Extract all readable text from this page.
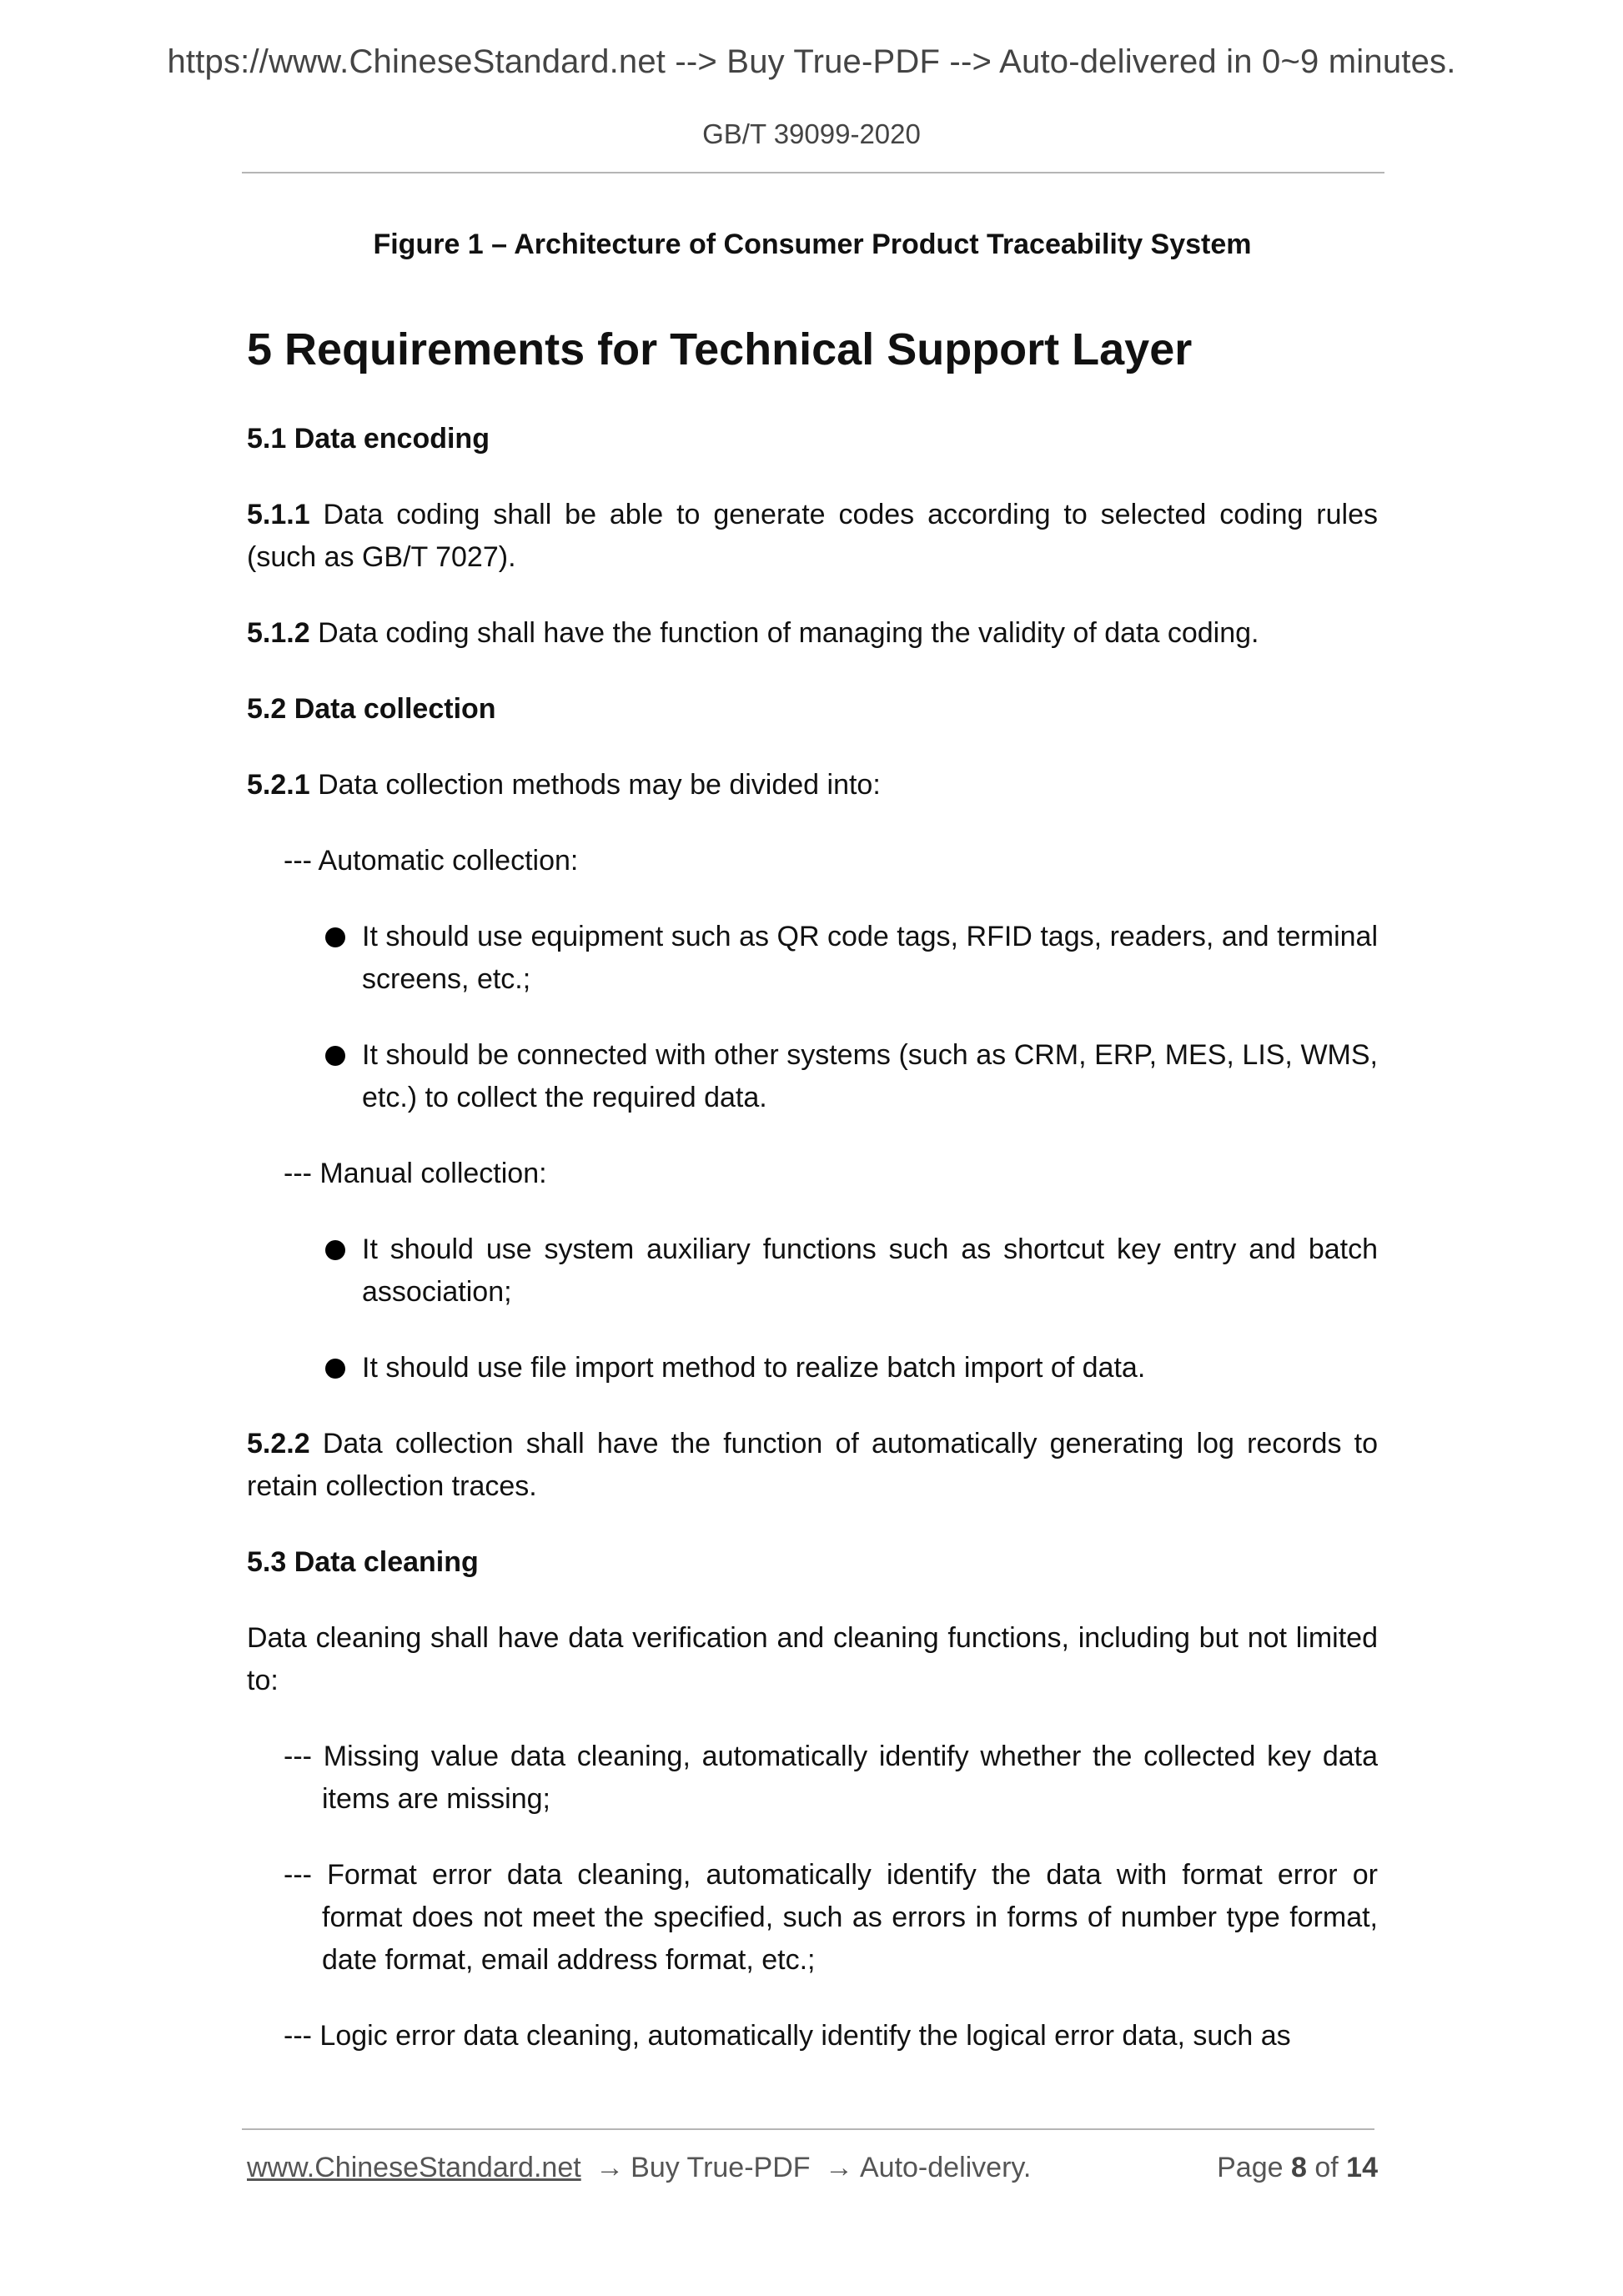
https://www.ChineseStandard.net --> Buy True-PDF --> Auto-delivered in 0~9 minutes.
GB/T 39099-2020
Figure 1 – Architecture of Consumer Product Traceability System
5 Requirements for Technical Support Layer
5.1 Data encoding

5.1.1 Data coding shall be able to generate codes according to selected coding rules (such as GB/T 7027).

5.1.2 Data coding shall have the function of managing the validity of data coding.

5.2 Data collection

5.2.1 Data collection methods may be divided into:

--- Automatic collection:
It should use equipment such as QR code tags, RFID tags, readers, and terminal screens, etc.;
It should be connected with other systems (such as CRM, ERP, MES, LIS, WMS, etc.) to collect the required data.
--- Manual collection:
It should use system auxiliary functions such as shortcut key entry and batch association;
It should use file import method to realize batch import of data.

5.2.2 Data collection shall have the function of automatically generating log records to retain collection traces.

5.3 Data cleaning

Data cleaning shall have data verification and cleaning functions, including but not limited to:

--- Missing value data cleaning, automatically identify whether the collected key data items are missing;
--- Format error data cleaning, automatically identify the data with format error or format does not meet the specified, such as errors in forms of number type format, date format, email address format, etc.;
--- Logic error data cleaning, automatically identify the logical error data, such as
www.ChineseStandard.net → Buy True-PDF → Auto-delivery.	Page 8 of 14
